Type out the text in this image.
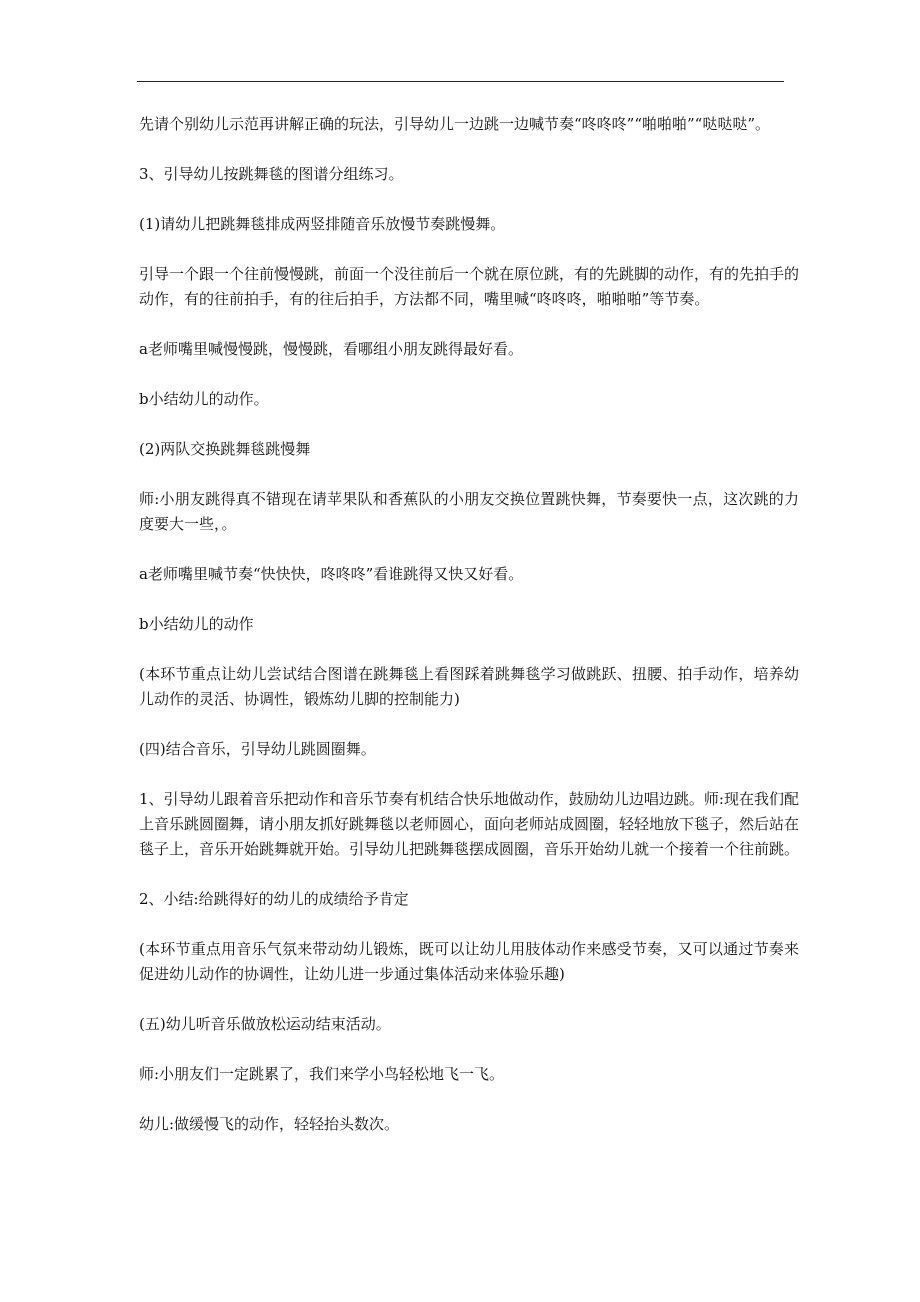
先请个别幼儿示范再讲解正确的玩法，引导幼儿一边跳一边喊节奏“咚咚咚”“啪啪啪”“哒哒哒”。

3、引导幼儿按跳舞毯的图谱分组练习。

(1)请幼儿把跳舞毯排成两竖排随音乐放慢节奏跳慢舞。

引导一个跟一个往前慢慢跳，前面一个没往前后一个就在原位跳，有的先跳脚的动作，有的先拍手的动作，有的往前拍手，有的往后拍手，方法都不同，嘴里喊“咚咚咚，啪啪啪”等节奏。

a老师嘴里喊慢慢跳，慢慢跳，看哪组小朋友跳得最好看。

b小结幼儿的动作。

(2)两队交换跳舞毯跳慢舞

师:小朋友跳得真不错现在请苹果队和香蕉队的小朋友交换位置跳快舞，节奏要快一点，这次跳的力度要大一些，。

a老师嘴里喊节奏“快快快，咚咚咚”看谁跳得又快又好看。

b小结幼儿的动作

(本环节重点让幼儿尝试结合图谱在跳舞毯上看图踩着跳舞毯学习做跳跃、扭腰、拍手动作，培养幼儿动作的灵活、协调性，锻炼幼儿脚的控制能力)

(四)结合音乐，引导幼儿跳圆圈舞。

1、引导幼儿跟着音乐把动作和音乐节奏有机结合快乐地做动作，鼓励幼儿边唱边跳。师:现在我们配上音乐跳圆圈舞，请小朋友抓好跳舞毯以老师圆心，面向老师站成圆圈，轻轻地放下毯子，然后站在毯子上，音乐开始跳舞就开始。引导幼儿把跳舞毯摆成圆圈，音乐开始幼儿就一个接着一个往前跳。

2、小结:给跳得好的幼儿的成绩给予肯定

(本环节重点用音乐气氛来带动幼儿锻炼，既可以让幼儿用肢体动作来感受节奏，又可以通过节奏来促进幼儿动作的协调性，让幼儿进一步通过集体活动来体验乐趣)

(五)幼儿听音乐做放松运动结束活动。

师:小朋友们一定跳累了，我们来学小鸟轻松地飞一飞。

幼儿:做缓慢飞的动作，轻轻抬头数次。
